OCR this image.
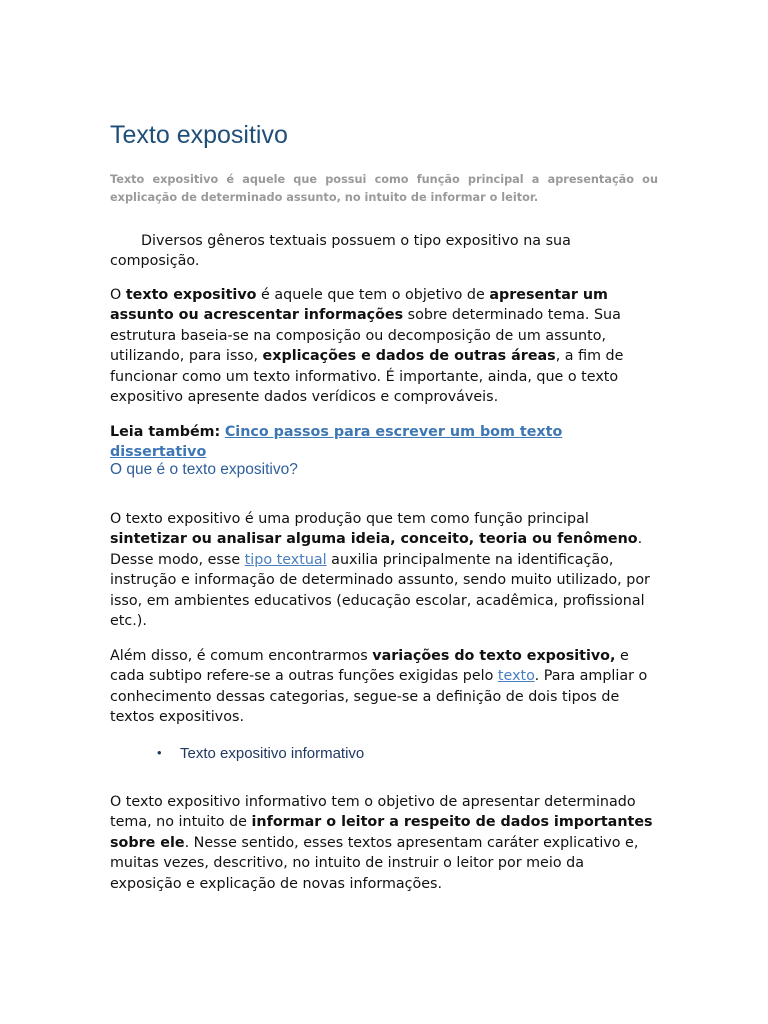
Texto expositivo

Texto expositivo é aquele que possui como função principal a apresentação ou explicação de determinado assunto, no intuito de informar o leitor.

Diversos gêneros textuais possuem o tipo expositivo na sua composição.

O texto expositivo é aquele que tem o objetivo de apresentar um assunto ou acrescentar informações sobre determinado tema. Sua estrutura baseia-se na composição ou decomposição de um assunto, utilizando, para isso, explicações e dados de outras áreas, a fim de funcionar como um texto informativo. É importante, ainda, que o texto expositivo apresente dados verídicos e comprováveis.

Leia também: Cinco passos para escrever um bom texto dissertativo

O que é o texto expositivo?

O texto expositivo é uma produção que tem como função principal sintetizar ou analisar alguma ideia, conceito, teoria ou fenômeno. Desse modo, esse tipo textual auxilia principalmente na identificação, instrução e informação de determinado assunto, sendo muito utilizado, por isso, em ambientes educativos (educação escolar, acadêmica, profissional etc.).

Além disso, é comum encontrarmos variações do texto expositivo, e cada subtipo refere-se a outras funções exigidas pelo texto. Para ampliar o conhecimento dessas categorias, segue-se a definição de dois tipos de textos expositivos.

• Texto expositivo informativo

O texto expositivo informativo tem o objetivo de apresentar determinado tema, no intuito de informar o leitor a respeito de dados importantes sobre ele. Nesse sentido, esses textos apresentam caráter explicativo e, muitas vezes, descritivo, no intuito de instruir o leitor por meio da exposição e explicação de novas informações.
